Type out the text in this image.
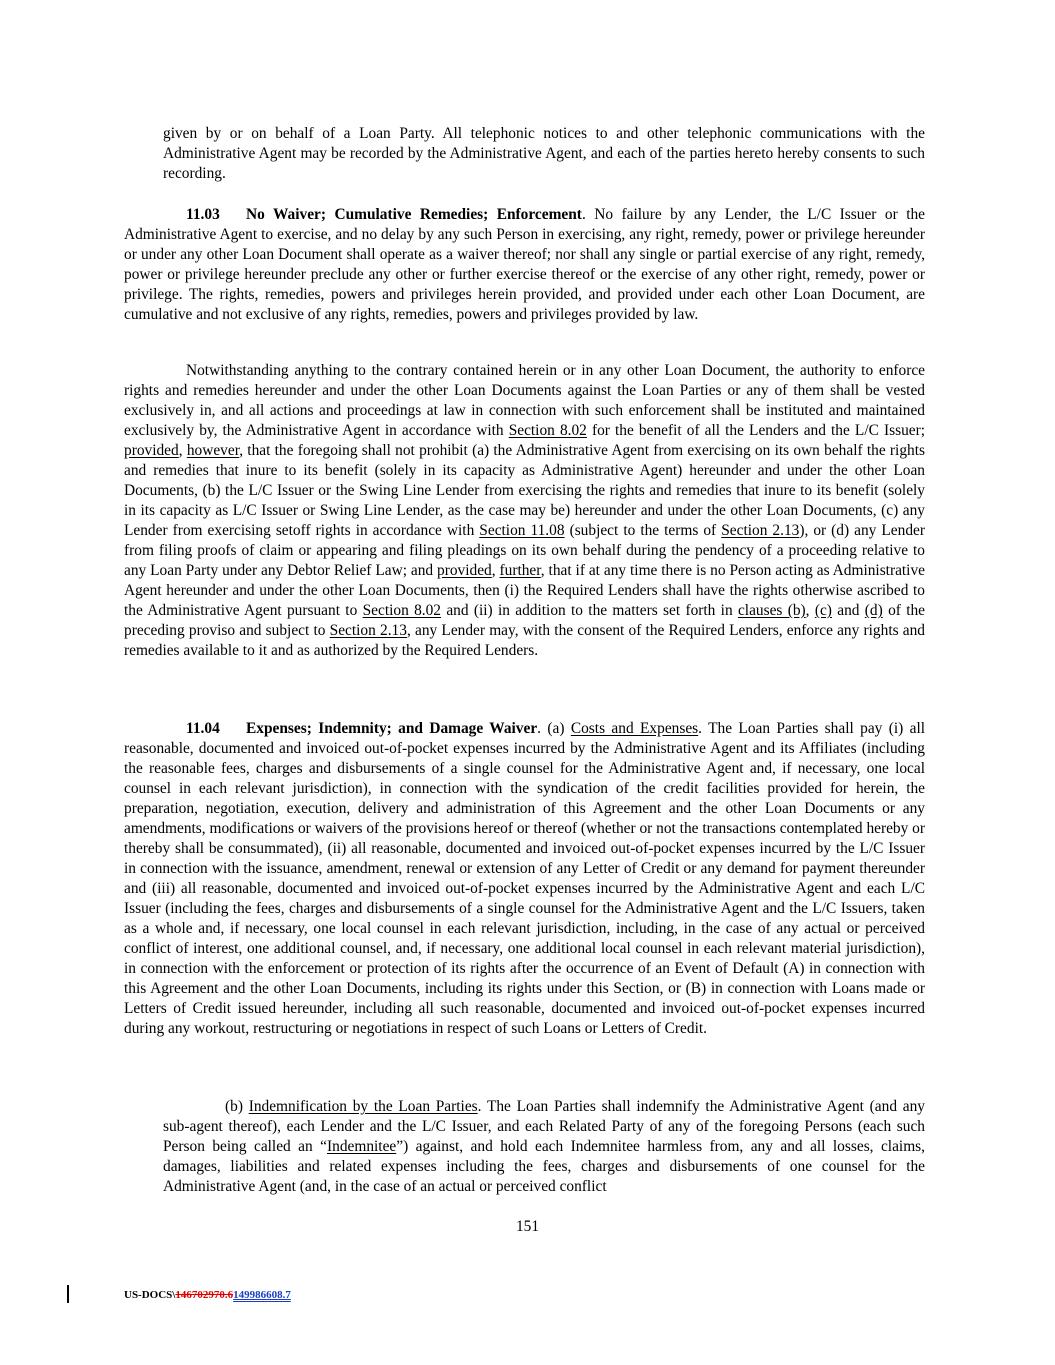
given by or on behalf of a Loan Party. All telephonic notices to and other telephonic communications with the Administrative Agent may be recorded by the Administrative Agent, and each of the parties hereto hereby consents to such recording.

11.03 No Waiver; Cumulative Remedies; Enforcement. No failure by any Lender, the L/C Issuer or the Administrative Agent to exercise, and no delay by any such Person in exercising, any right, remedy, power or privilege hereunder or under any other Loan Document shall operate as a waiver thereof; nor shall any single or partial exercise of any right, remedy, power or privilege hereunder preclude any other or further exercise thereof or the exercise of any other right, remedy, power or privilege. The rights, remedies, powers and privileges herein provided, and provided under each other Loan Document, are cumulative and not exclusive of any rights, remedies, powers and privileges provided by law.

Notwithstanding anything to the contrary contained herein or in any other Loan Document, the authority to enforce rights and remedies hereunder and under the other Loan Documents against the Loan Parties or any of them shall be vested exclusively in, and all actions and proceedings at law in connection with such enforcement shall be instituted and maintained exclusively by, the Administrative Agent in accordance with Section 8.02 for the benefit of all the Lenders and the L/C Issuer; provided, however, that the foregoing shall not prohibit (a) the Administrative Agent from exercising on its own behalf the rights and remedies that inure to its benefit (solely in its capacity as Administrative Agent) hereunder and under the other Loan Documents, (b) the L/C Issuer or the Swing Line Lender from exercising the rights and remedies that inure to its benefit (solely in its capacity as L/C Issuer or Swing Line Lender, as the case may be) hereunder and under the other Loan Documents, (c) any Lender from exercising setoff rights in accordance with Section 11.08 (subject to the terms of Section 2.13), or (d) any Lender from filing proofs of claim or appearing and filing pleadings on its own behalf during the pendency of a proceeding relative to any Loan Party under any Debtor Relief Law; and provided, further, that if at any time there is no Person acting as Administrative Agent hereunder and under the other Loan Documents, then (i) the Required Lenders shall have the rights otherwise ascribed to the Administrative Agent pursuant to Section 8.02 and (ii) in addition to the matters set forth in clauses (b), (c) and (d) of the preceding proviso and subject to Section 2.13, any Lender may, with the consent of the Required Lenders, enforce any rights and remedies available to it and as authorized by the Required Lenders.

11.04 Expenses; Indemnity; and Damage Waiver. (a) Costs and Expenses. The Loan Parties shall pay (i) all reasonable, documented and invoiced out-of-pocket expenses incurred by the Administrative Agent and its Affiliates (including the reasonable fees, charges and disbursements of a single counsel for the Administrative Agent and, if necessary, one local counsel in each relevant jurisdiction), in connection with the syndication of the credit facilities provided for herein, the preparation, negotiation, execution, delivery and administration of this Agreement and the other Loan Documents or any amendments, modifications or waivers of the provisions hereof or thereof (whether or not the transactions contemplated hereby or thereby shall be consummated), (ii) all reasonable, documented and invoiced out-of-pocket expenses incurred by the L/C Issuer in connection with the issuance, amendment, renewal or extension of any Letter of Credit or any demand for payment thereunder and (iii) all reasonable, documented and invoiced out-of-pocket expenses incurred by the Administrative Agent and each L/C Issuer (including the fees, charges and disbursements of a single counsel for the Administrative Agent and the L/C Issuers, taken as a whole and, if necessary, one local counsel in each relevant jurisdiction, including, in the case of any actual or perceived conflict of interest, one additional counsel, and, if necessary, one additional local counsel in each relevant material jurisdiction), in connection with the enforcement or protection of its rights after the occurrence of an Event of Default (A) in connection with this Agreement and the other Loan Documents, including its rights under this Section, or (B) in connection with Loans made or Letters of Credit issued hereunder, including all such reasonable, documented and invoiced out-of-pocket expenses incurred during any workout, restructuring or negotiations in respect of such Loans or Letters of Credit.

(b) Indemnification by the Loan Parties. The Loan Parties shall indemnify the Administrative Agent (and any sub-agent thereof), each Lender and the L/C Issuer, and each Related Party of any of the foregoing Persons (each such Person being called an “Indemnitee”) against, and hold each Indemnitee harmless from, any and all losses, claims, damages, liabilities and related expenses including the fees, charges and disbursements of one counsel for the Administrative Agent (and, in the case of an actual or perceived conflict

151
US-DOCS\146702970.6149986608.7
